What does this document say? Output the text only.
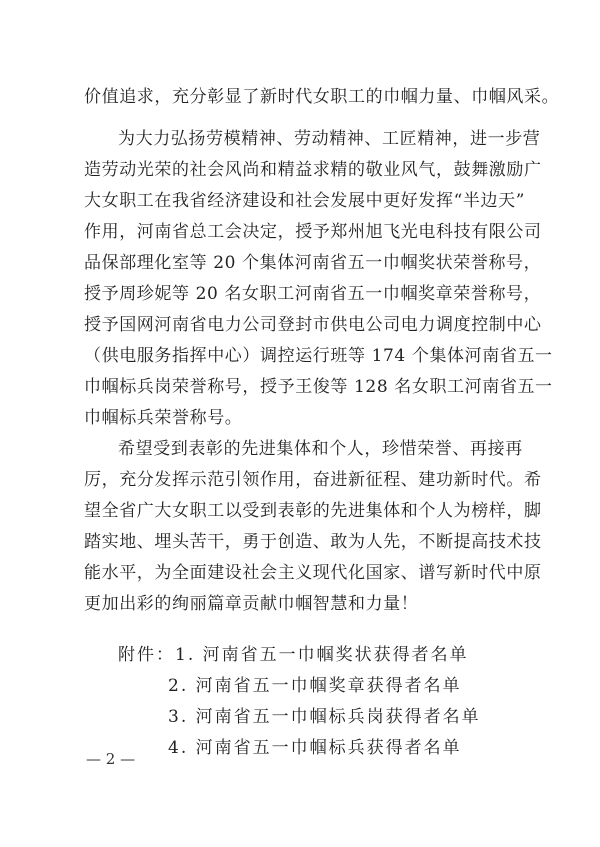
价值追求，充分彰显了新时代女职工的巾帼力量、巾帼风采。
为大力弘扬劳模精神、劳动精神、工匠精神，进一步营
造劳动光荣的社会风尚和精益求精的敬业风气，鼓舞激励广
大女职工在我省经济建设和社会发展中更好发挥“半边天”
作用，河南省总工会决定，授予郑州旭飞光电科技有限公司
品保部理化室等 20 个集体河南省五一巾帼奖状荣誉称号，
授予周珍妮等 20 名女职工河南省五一巾帼奖章荣誉称号，
授予国网河南省电力公司登封市供电公司电力调度控制中心
（供电服务指挥中心）调控运行班等 174 个集体河南省五一
巾帼标兵岗荣誉称号，授予王俊等 128 名女职工河南省五一
巾帼标兵荣誉称号。
希望受到表彰的先进集体和个人，珍惜荣誉、再接再
厉，充分发挥示范引领作用，奋进新征程、建功新时代。希
望全省广大女职工以受到表彰的先进集体和个人为榜样，脚
踏实地、埋头苦干，勇于创造、敢为人先，不断提高技术技
能水平，为全面建设社会主义现代化国家、谱写新时代中原
更加出彩的绚丽篇章贡献巾帼智慧和力量！
附件：1. 河南省五一巾帼奖状获得者名单
2. 河南省五一巾帼奖章获得者名单
3. 河南省五一巾帼标兵岗获得者名单
4. 河南省五一巾帼标兵获得者名单
— 2 —
